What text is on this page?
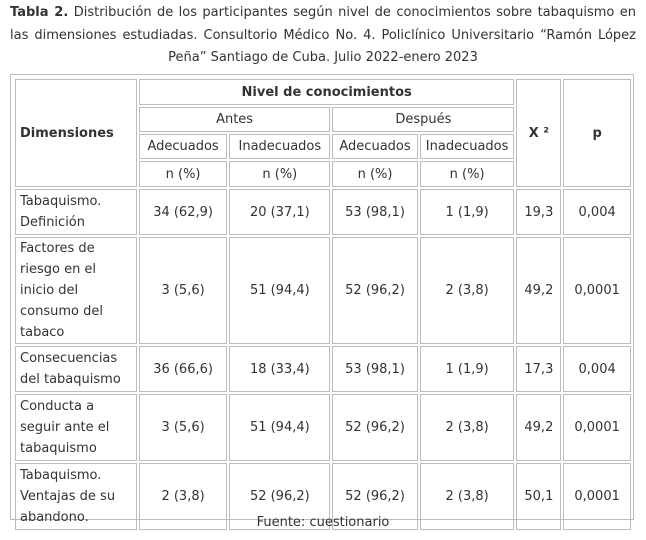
Tabla 2. Distribución de los participantes según nivel de conocimientos sobre tabaquismo en las dimensiones estudiadas. Consultorio Médico No. 4. Policlínico Universitario “Ramón López Peña” Santiago de Cuba. Julio 2022-enero 2023
Dimensiones	Nivel de conocimientos				X ²	p
	Antes		Después			
	Adecuados	Inadecuados	Adecuados	Inadecuados		
	n (%)	n (%)	n (%)	n (%)		
Tabaquismo. Definición	34 (62,9)	20 (37,1)	53 (98,1)	1 (1,9)	19,3	0,004
Factores de riesgo en el inicio del consumo del tabaco	3 (5,6)	51 (94,4)	52 (96,2)	2 (3,8)	49,2	0,0001
Consecuencias del tabaquismo	36 (66,6)	18 (33,4)	53 (98,1)	1 (1,9)	17,3	0,004
Conducta a seguir ante el tabaquismo	3 (5,6)	51 (94,4)	52 (96,2)	2 (3,8)	49,2	0,0001
Tabaquismo. Ventajas de su abandono.	2 (3,8)	52 (96,2)	52 (96,2)	2 (3,8)	50,1	0,0001
Fuente: cuestionario
